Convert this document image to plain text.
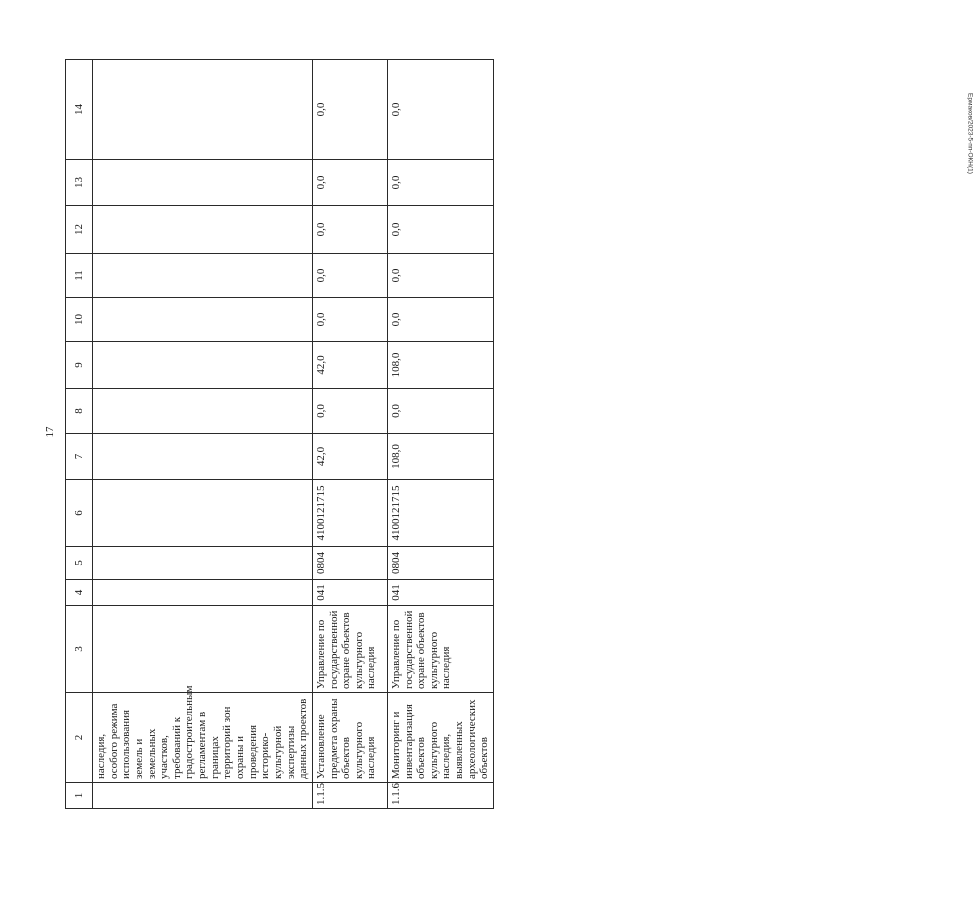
17
Ермаков/2023-5-пп-ОКН(1)
1	2	3	4	5	6	7	8	9	10	11	12	13	14
	наследия, особого режима использования земель и земельных участков, требований к градостроительным регламентам в границах территорий зон охраны и проведения историко-культурной экспертизы данных проектов												
1.1.5	Установление предмета охраны объектов культурного наследия	Управление по государственной охране объектов культурного наследия	041	0804	4100121715	42,0	0,0	42,0	0,0	0,0	0,0	0,0	0,0
1.1.6	Мониторинг и инвентаризация объектов культурного наследия, выявленных археологических объектов	Управление по государственной охране объектов культурного наследия	041	0804	4100121715	108,0	0,0	108,0	0,0	0,0	0,0	0,0	0,0
